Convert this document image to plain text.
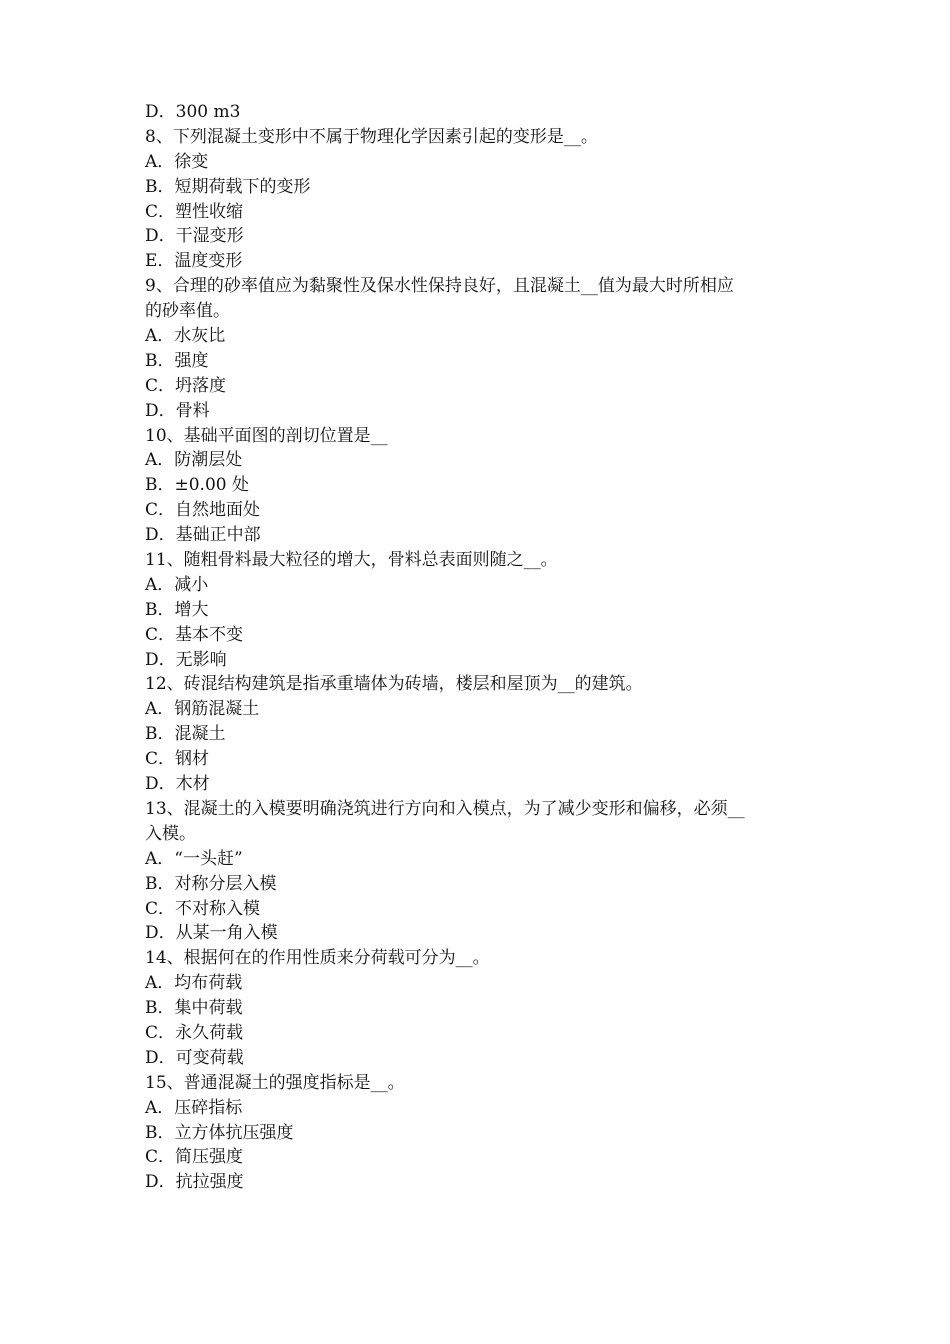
D．300 m3
8、下列混凝土变形中不属于物理化学因素引起的变形是__。
A．徐变
B．短期荷载下的变形
C．塑性收缩
D．干湿变形
E．温度变形
9、合理的砂率值应为黏聚性及保水性保持良好，且混凝土__值为最大时所相应
的砂率值。
A．水灰比
B．强度
C．坍落度
D．骨料
10、基础平面图的剖切位置是__
A．防潮层处
B．±0.00 处
C．自然地面处
D．基础正中部
11、随粗骨料最大粒径的增大，骨料总表面则随之__。
A．减小
B．增大
C．基本不变
D．无影响
12、砖混结构建筑是指承重墙体为砖墙，楼层和屋顶为__的建筑。
A．钢筋混凝土
B．混凝土
C．钢材
D．木材
13、混凝土的入模要明确浇筑进行方向和入模点，为了减少变形和偏移，必须__
入模。
A．“一头赶”
B．对称分层入模
C．不对称入模
D．从某一角入模
14、根据何在的作用性质来分荷载可分为__。
A．均布荷载
B．集中荷载
C．永久荷载
D．可变荷载
15、普通混凝土的强度指标是__。
A．压碎指标
B．立方体抗压强度
C．简压强度
D．抗拉强度
